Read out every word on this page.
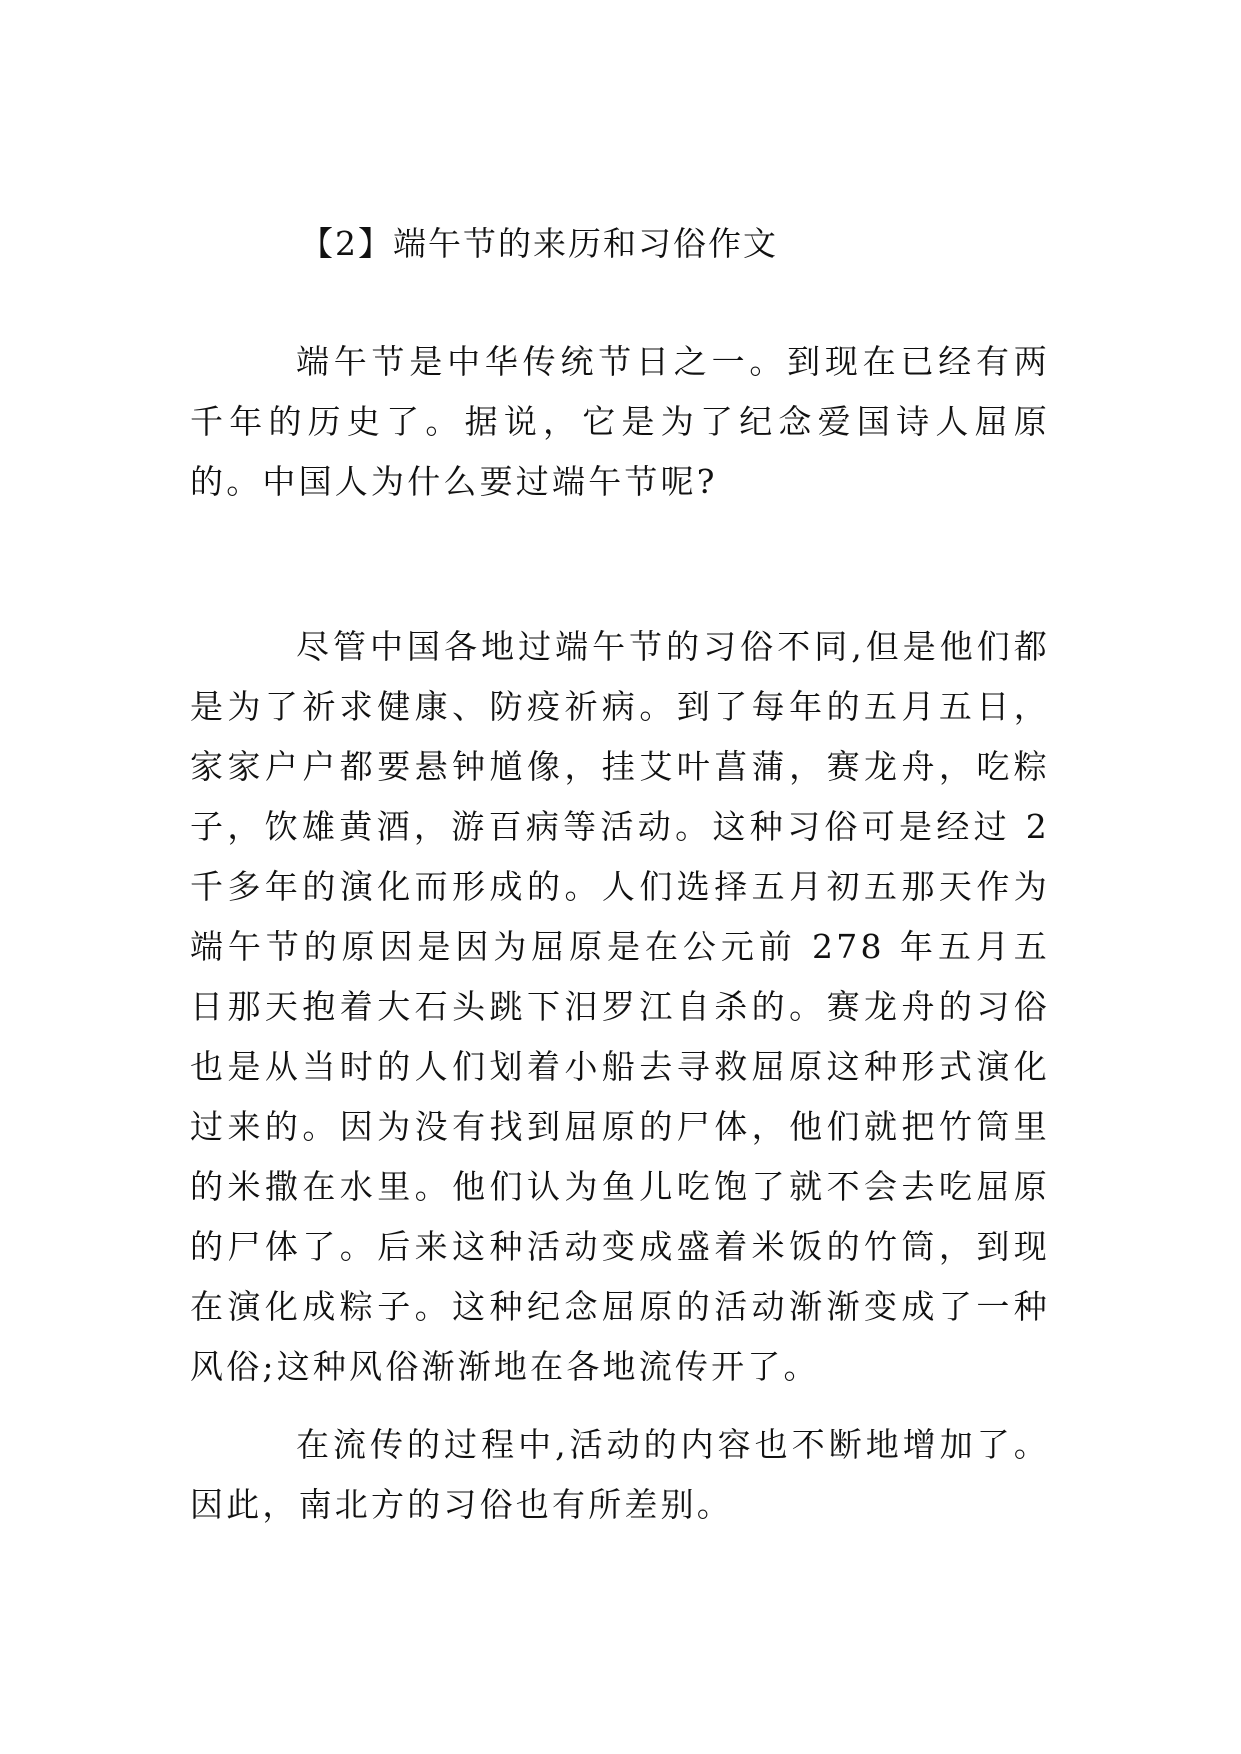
【2】端午节的来历和习俗作文

端午节是中华传统节日之一。到现在已经有两千年的历史了。据说，它是为了纪念爱国诗人屈原的。中国人为什么要过端午节呢?

尽管中国各地过端午节的习俗不同,但是他们都是为了祈求健康、防疫祈病。到了每年的五月五日，家家户户都要悬钟馗像，挂艾叶菖蒲，赛龙舟，吃粽子，饮雄黄酒，游百病等活动。这种习俗可是经过 2 千多年的演化而形成的。人们选择五月初五那天作为端午节的原因是因为屈原是在公元前 278 年五月五日那天抱着大石头跳下汨罗江自杀的。赛龙舟的习俗也是从当时的人们划着小船去寻救屈原这种形式演化过来的。因为没有找到屈原的尸体，他们就把竹筒里的米撒在水里。他们认为鱼儿吃饱了就不会去吃屈原的尸体了。后来这种活动变成盛着米饭的竹筒，到现在演化成粽子。这种纪念屈原的活动渐渐变成了一种风俗;这种风俗渐渐地在各地流传开了。

在流传的过程中,活动的内容也不断地增加了。因此，南北方的习俗也有所差别。
